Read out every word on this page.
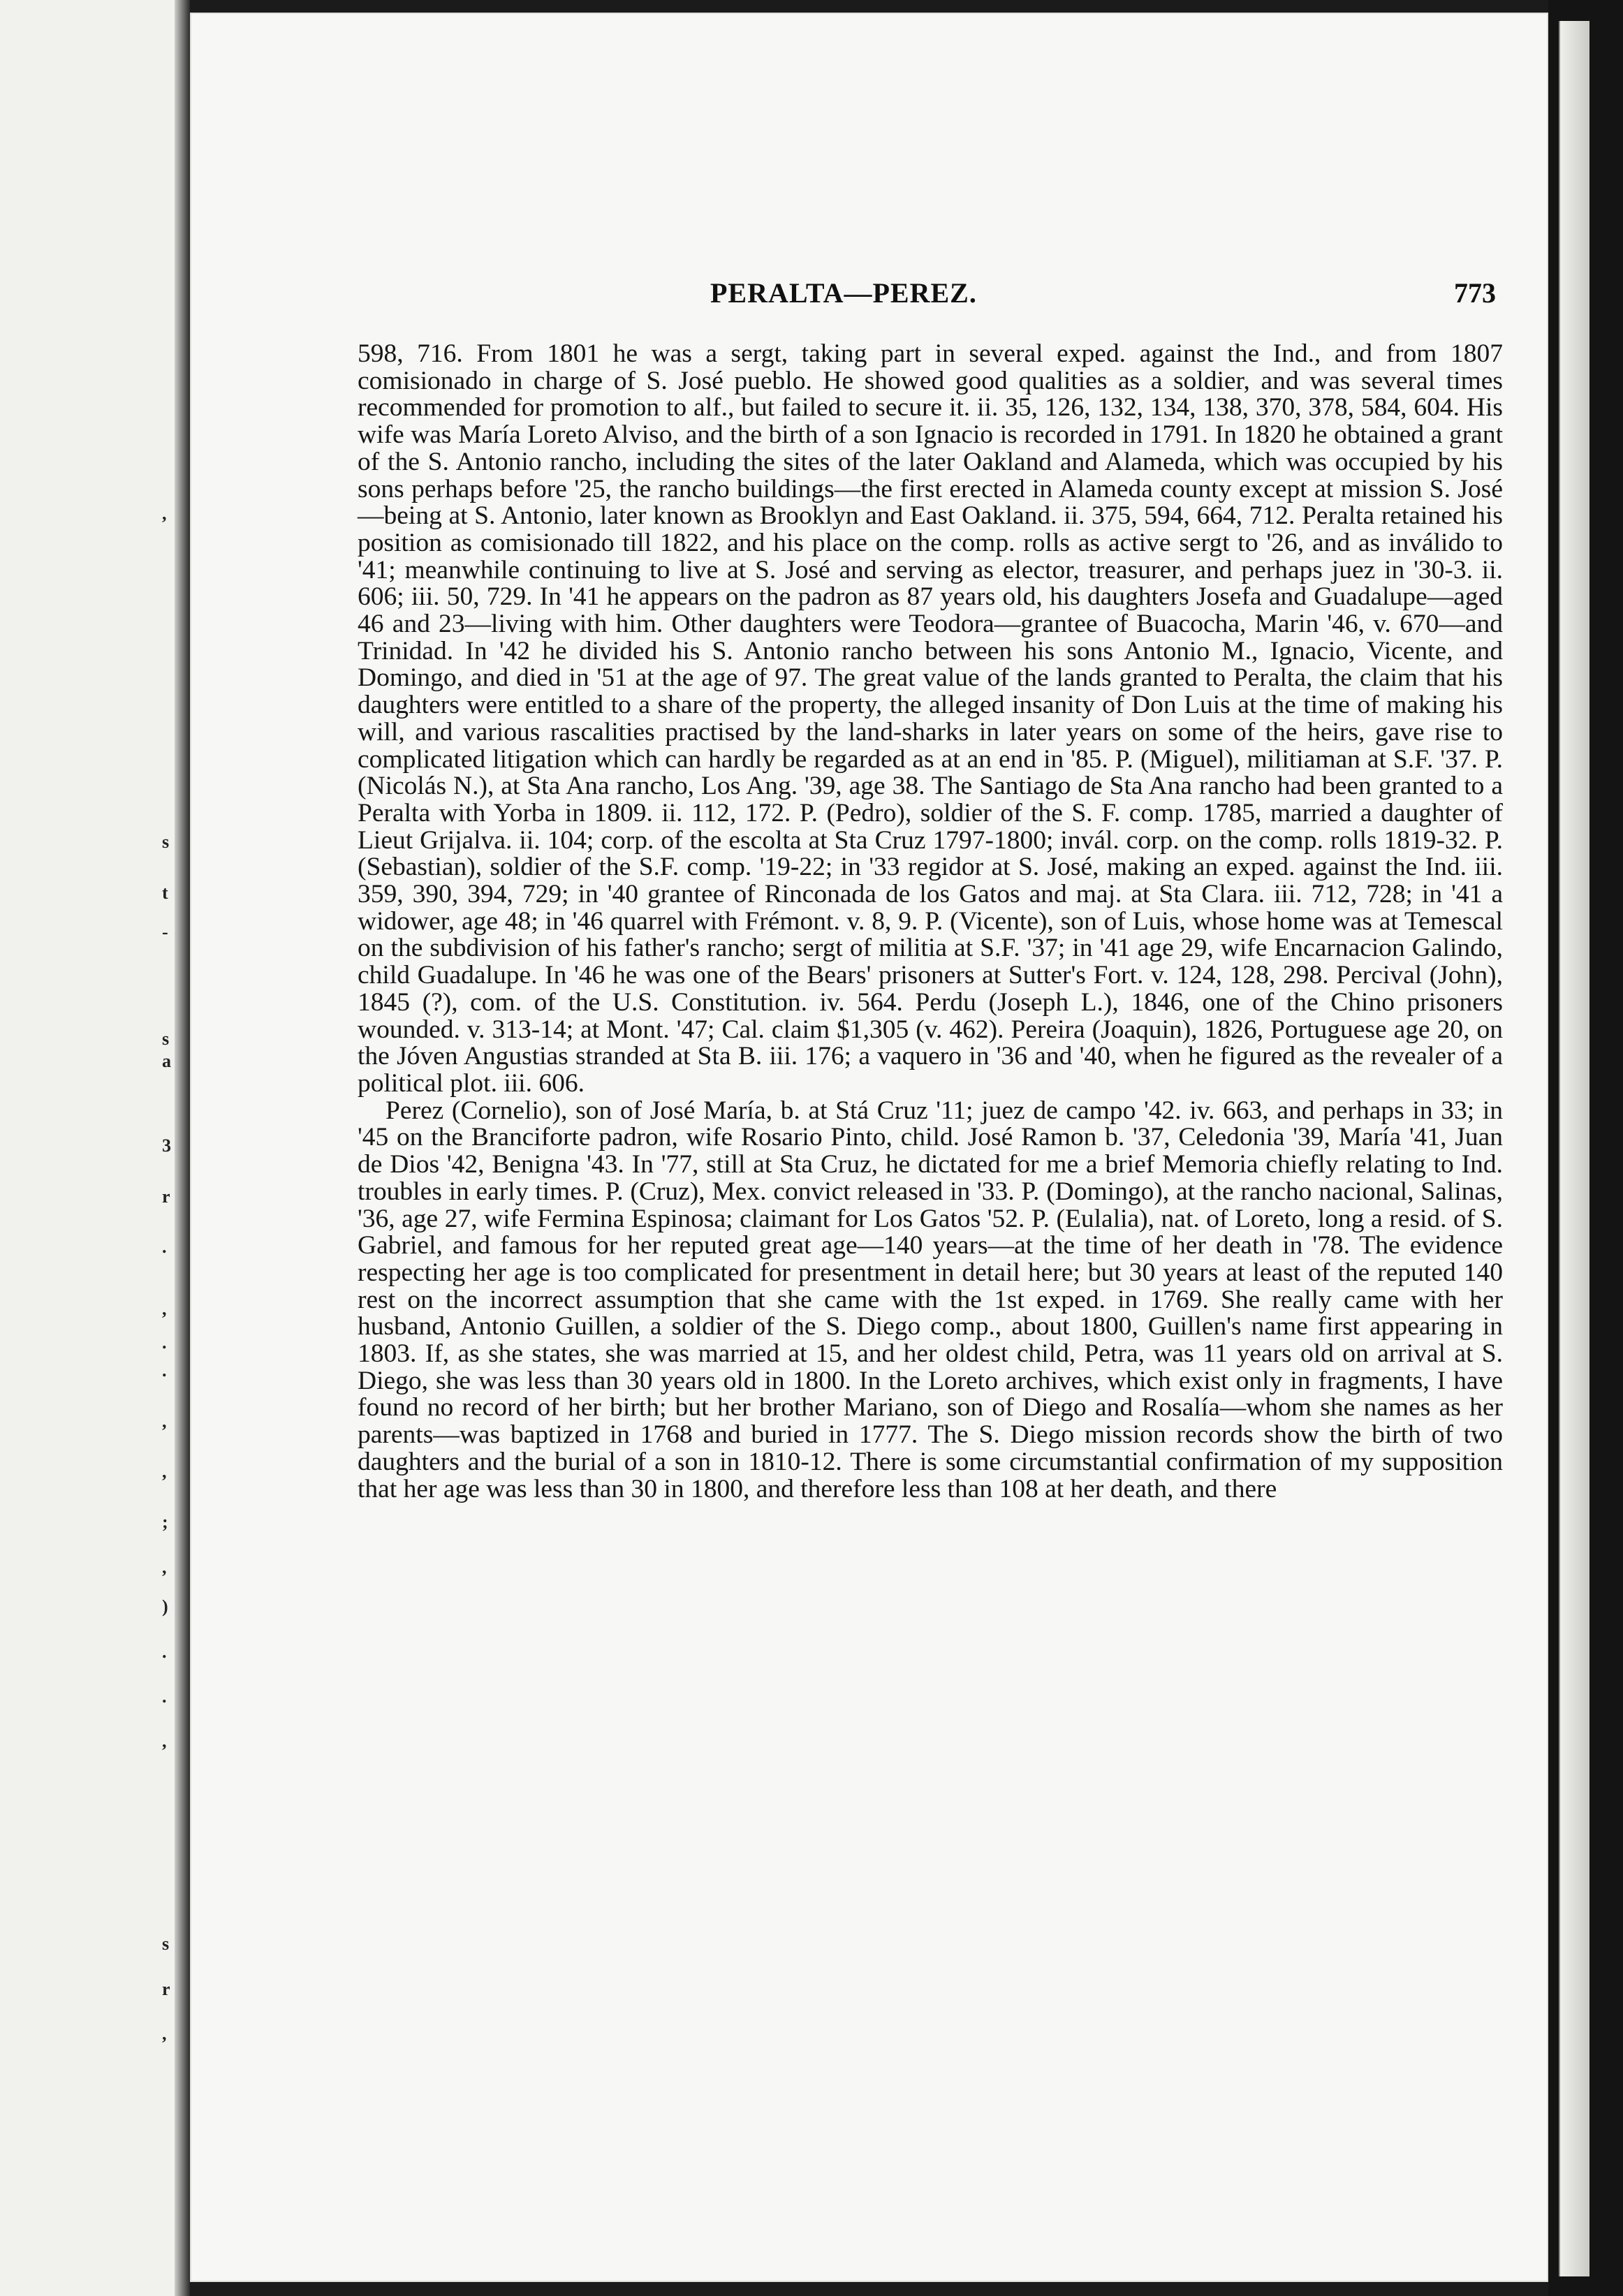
,
s
t
-
s
a
3
r
.
,
.
.
,
,
;
,
)
.
.
,
s
r
,
PERALTA—PEREZ.	773

598, 716. From 1801 he was a sergt, taking part in several exped. against the Ind., and from 1807 comisionado in charge of S. José pueblo. He showed good qualities as a soldier, and was several times recommended for promotion to alf., but failed to secure it. ii. 35, 126, 132, 134, 138, 370, 378, 584, 604. His wife was María Loreto Alviso, and the birth of a son Ignacio is recorded in 1791. In 1820 he obtained a grant of the S. Antonio rancho, including the sites of the later Oakland and Alameda, which was occupied by his sons perhaps before '25, the rancho buildings—the first erected in Alameda county except at mission S. José—being at S. Antonio, later known as Brooklyn and East Oakland. ii. 375, 594, 664, 712. Peralta retained his position as comisionado till 1822, and his place on the comp. rolls as active sergt to '26, and as inválido to '41; meanwhile continuing to live at S. José and serving as elector, treasurer, and perhaps juez in '30-3. ii. 606; iii. 50, 729. In '41 he appears on the padron as 87 years old, his daughters Josefa and Guadalupe—aged 46 and 23—living with him. Other daughters were Teodora—grantee of Buacocha, Marin '46, v. 670—and Trinidad. In '42 he divided his S. Antonio rancho between his sons Antonio M., Ignacio, Vicente, and Domingo, and died in '51 at the age of 97. The great value of the lands granted to Peralta, the claim that his daughters were entitled to a share of the property, the alleged insanity of Don Luis at the time of making his will, and various rascalities practised by the land-sharks in later years on some of the heirs, gave rise to complicated litigation which can hardly be regarded as at an end in '85. P. (Miguel), militiaman at S.F. '37. P. (Nicolás N.), at Sta Ana rancho, Los Ang. '39, age 38. The Santiago de Sta Ana rancho had been granted to a Peralta with Yorba in 1809. ii. 112, 172. P. (Pedro), soldier of the S. F. comp. 1785, married a daughter of Lieut Grijalva. ii. 104; corp. of the escolta at Sta Cruz 1797-1800; invál. corp. on the comp. rolls 1819-32. P. (Sebastian), soldier of the S.F. comp. '19-22; in '33 regidor at S. José, making an exped. against the Ind. iii. 359, 390, 394, 729; in '40 grantee of Rinconada de los Gatos and maj. at Sta Clara. iii. 712, 728; in '41 a widower, age 48; in '46 quarrel with Frémont. v. 8, 9. P. (Vicente), son of Luis, whose home was at Temescal on the subdivision of his father's rancho; sergt of militia at S.F. '37; in '41 age 29, wife Encarnacion Galindo, child Guadalupe. In '46 he was one of the Bears' prisoners at Sutter's Fort. v. 124, 128, 298. Percival (John), 1845 (?), com. of the U.S. Constitution. iv. 564. Perdu (Joseph L.), 1846, one of the Chino prisoners wounded. v. 313-14; at Mont. '47; Cal. claim $1,305 (v. 462). Pereira (Joaquin), 1826, Portuguese age 20, on the Jóven Angustias stranded at Sta B. iii. 176; a vaquero in '36 and '40, when he figured as the revealer of a political plot. iii. 606.

Perez (Cornelio), son of José María, b. at Stá Cruz '11; juez de campo '42. iv. 663, and perhaps in 33; in '45 on the Branciforte padron, wife Rosario Pinto, child. José Ramon b. '37, Celedonia '39, María '41, Juan de Dios '42, Benigna '43. In '77, still at Sta Cruz, he dictated for me a brief Memoria chiefly relating to Ind. troubles in early times. P. (Cruz), Mex. convict released in '33. P. (Domingo), at the rancho nacional, Salinas, '36, age 27, wife Fermina Espinosa; claimant for Los Gatos '52. P. (Eulalia), nat. of Loreto, long a resid. of S. Gabriel, and famous for her reputed great age—140 years—at the time of her death in '78. The evidence respecting her age is too complicated for presentment in detail here; but 30 years at least of the reputed 140 rest on the incorrect assumption that she came with the 1st exped. in 1769. She really came with her husband, Antonio Guillen, a soldier of the S. Diego comp., about 1800, Guillen's name first appearing in 1803. If, as she states, she was married at 15, and her oldest child, Petra, was 11 years old on arrival at S. Diego, she was less than 30 years old in 1800. In the Loreto archives, which exist only in fragments, I have found no record of her birth; but her brother Mariano, son of Diego and Rosalía—whom she names as her parents—was baptized in 1768 and buried in 1777. The S. Diego mission records show the birth of two daughters and the burial of a son in 1810-12. There is some circumstantial confirmation of my supposition that her age was less than 30 in 1800, and therefore less than 108 at her death, and there
